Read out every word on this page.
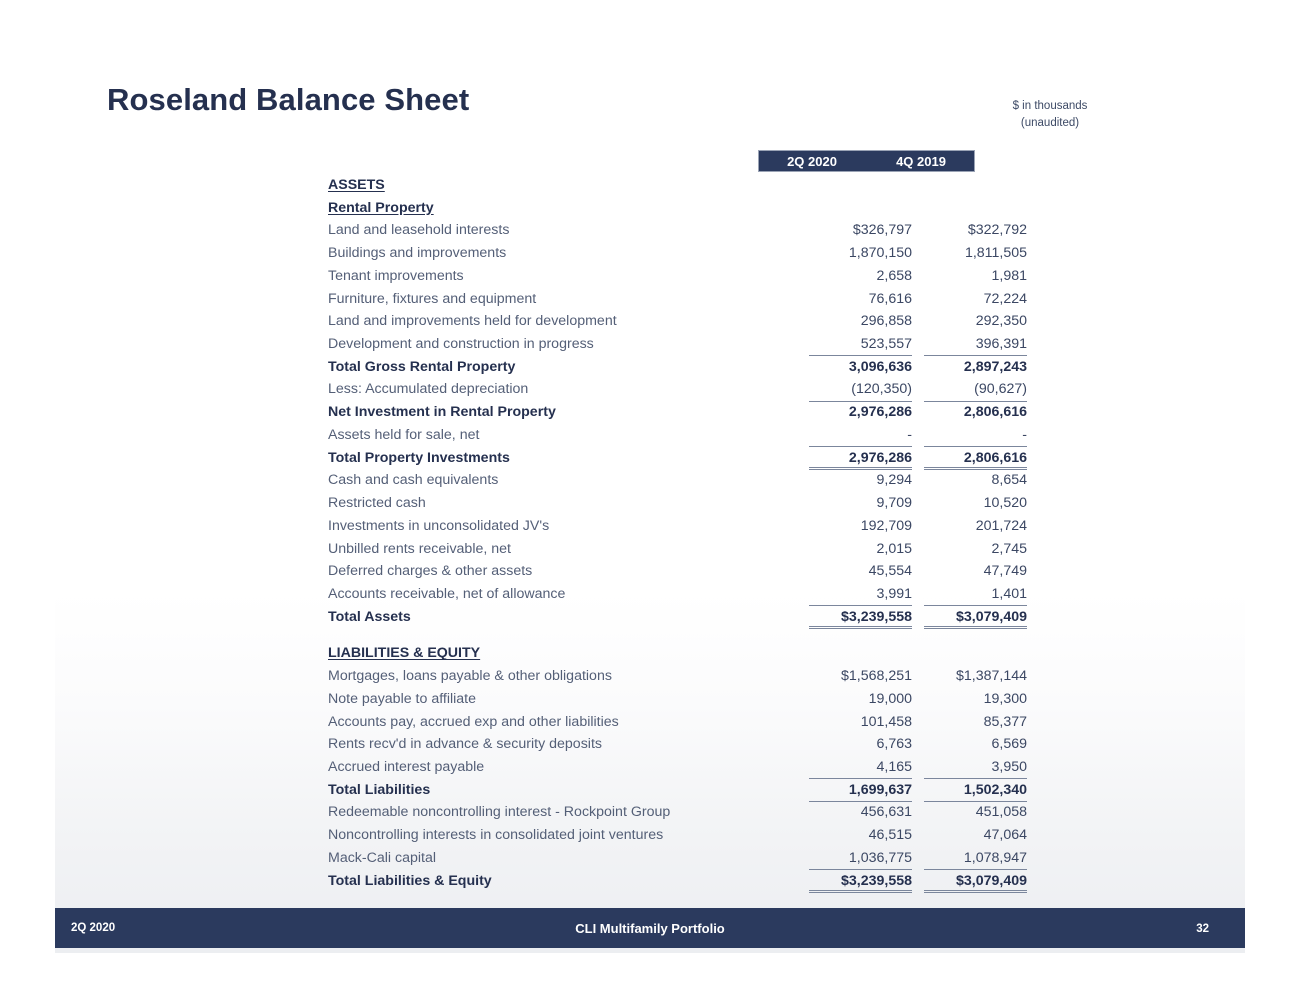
Roseland Balance Sheet	$ in thousands
(unaudited)
2Q 2020	4Q 2019
ASSETS
Rental Property
Land and leasehold interests	$326,797	$322,792
Buildings and improvements	1,870,150	1,811,505
Tenant improvements	2,658	1,981
Furniture, fixtures and equipment	76,616	72,224
Land and improvements held for development	296,858	292,350
Development and construction in progress	523,557	396,391
Total Gross Rental Property	3,096,636	2,897,243
Less: Accumulated depreciation	(120,350)	(90,627)
Net Investment in Rental Property	2,976,286	2,806,616
Assets held for sale, net	-	-
Total Property Investments	2,976,286	2,806,616
Cash and cash equivalents	9,294	8,654
Restricted cash	9,709	10,520
Investments in unconsolidated JV's	192,709	201,724
Unbilled rents receivable, net	2,015	2,745
Deferred charges & other assets	45,554	47,749
Accounts receivable, net of allowance	3,991	1,401
Total Assets	$3,239,558	$3,079,409
LIABILITIES & EQUITY
Mortgages, loans payable & other obligations	$1,568,251	$1,387,144
Note payable to affiliate	19,000	19,300
Accounts pay, accrued exp and other liabilities	101,458	85,377
Rents recv'd in advance & security deposits	6,763	6,569
Accrued interest payable	4,165	3,950
Total Liabilities	1,699,637	1,502,340
Redeemable noncontrolling interest - Rockpoint Group	456,631	451,058
Noncontrolling interests in consolidated joint ventures	46,515	47,064
Mack-Cali capital	1,036,775	1,078,947
Total Liabilities & Equity	$3,239,558	$3,079,409
2Q 2020	CLI Multifamily Portfolio	32
